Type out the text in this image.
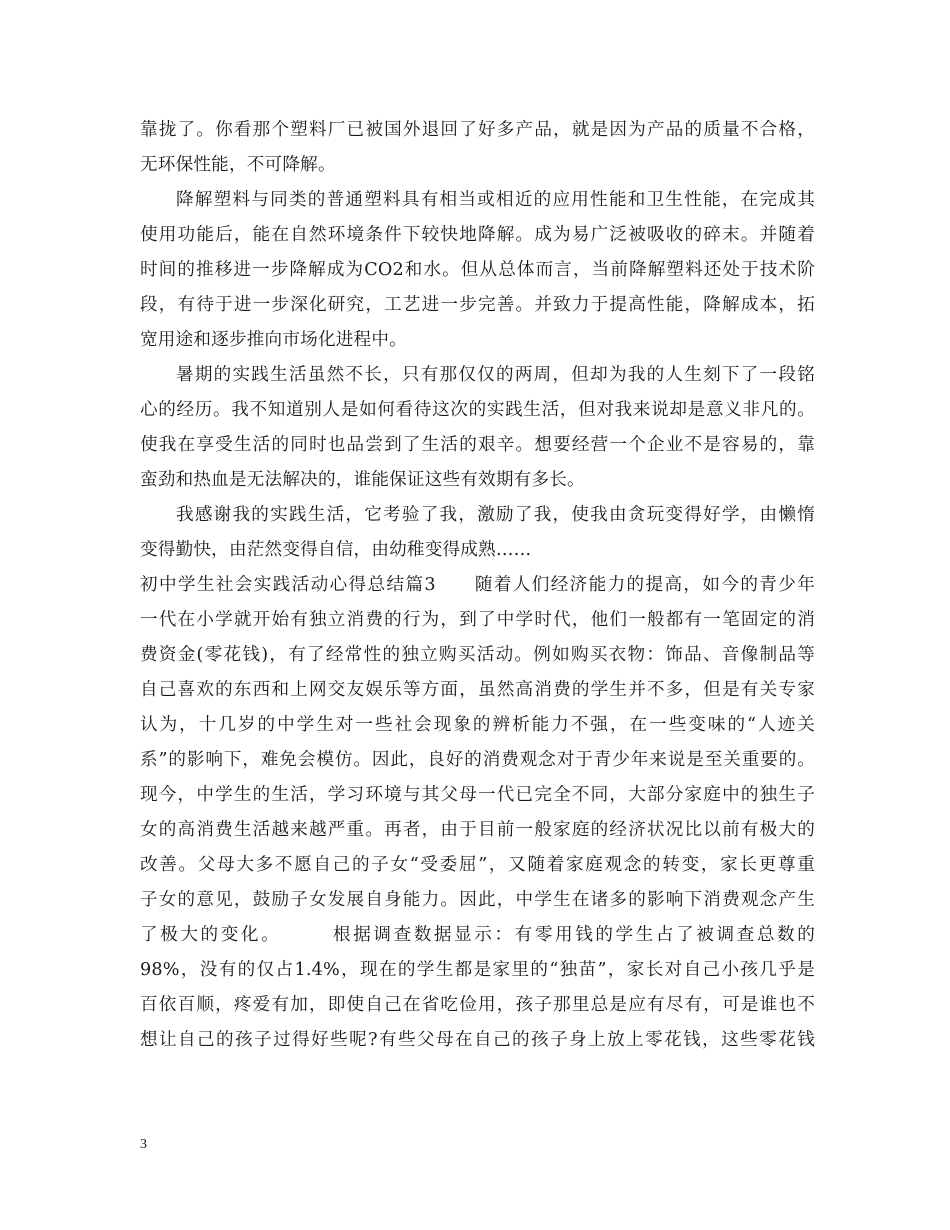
靠拢了。你看那个塑料厂已被国外退回了好多产品，就是因为产品的质量不合格，
无环保性能，不可降解。
降解塑料与同类的普通塑料具有相当或相近的应用性能和卫生性能，在完成其
使用功能后，能在自然环境条件下较快地降解。成为易广泛被吸收的碎末。并随着
时间的推移进一步降解成为CO2和水。但从总体而言，当前降解塑料还处于技术阶
段，有待于进一步深化研究，工艺进一步完善。并致力于提高性能，降解成本，拓
宽用途和逐步推向市场化进程中。
暑期的实践生活虽然不长，只有那仅仅的两周，但却为我的人生刻下了一段铭
心的经历。我不知道别人是如何看待这次的实践生活，但对我来说却是意义非凡的。
使我在享受生活的同时也品尝到了生活的艰辛。想要经营一个企业不是容易的，靠
蛮劲和热血是无法解决的，谁能保证这些有效期有多长。
我感谢我的实践生活，它考验了我，激励了我，使我由贪玩变得好学，由懒惰
变得勤快，由茫然变得自信，由幼稚变得成熟……
初中学生社会实践活动心得总结篇3　　随着人们经济能力的提高，如今的青少年
一代在小学就开始有独立消费的行为，到了中学时代，他们一般都有一笔固定的消
费资金(零花钱)，有了经常性的独立购买活动。例如购买衣物：饰品、音像制品等
自己喜欢的东西和上网交友娱乐等方面，虽然高消费的学生并不多，但是有关专家
认为，十几岁的中学生对一些社会现象的辨析能力不强，在一些变味的“人迹关
系”的影响下，难免会模仿。因此，良好的消费观念对于青少年来说是至关重要的。
现今，中学生的生活，学习环境与其父母一代已完全不同，大部分家庭中的独生子
女的高消费生活越来越严重。再者，由于目前一般家庭的经济状况比以前有极大的
改善。父母大多不愿自己的子女“受委屈”，又随着家庭观念的转变，家长更尊重
子女的意见，鼓励子女发展自身能力。因此，中学生在诸多的影响下消费观念产生
了极大的变化。　　　根据调查数据显示：有零用钱的学生占了被调查总数的
98%，没有的仅占1.4%，现在的学生都是家里的“独苗”，家长对自己小孩几乎是
百依百顺，疼爱有加，即使自己在省吃俭用，孩子那里总是应有尽有，可是谁也不
想让自己的孩子过得好些呢?有些父母在自己的孩子身上放上零花钱，这些零花钱
3
